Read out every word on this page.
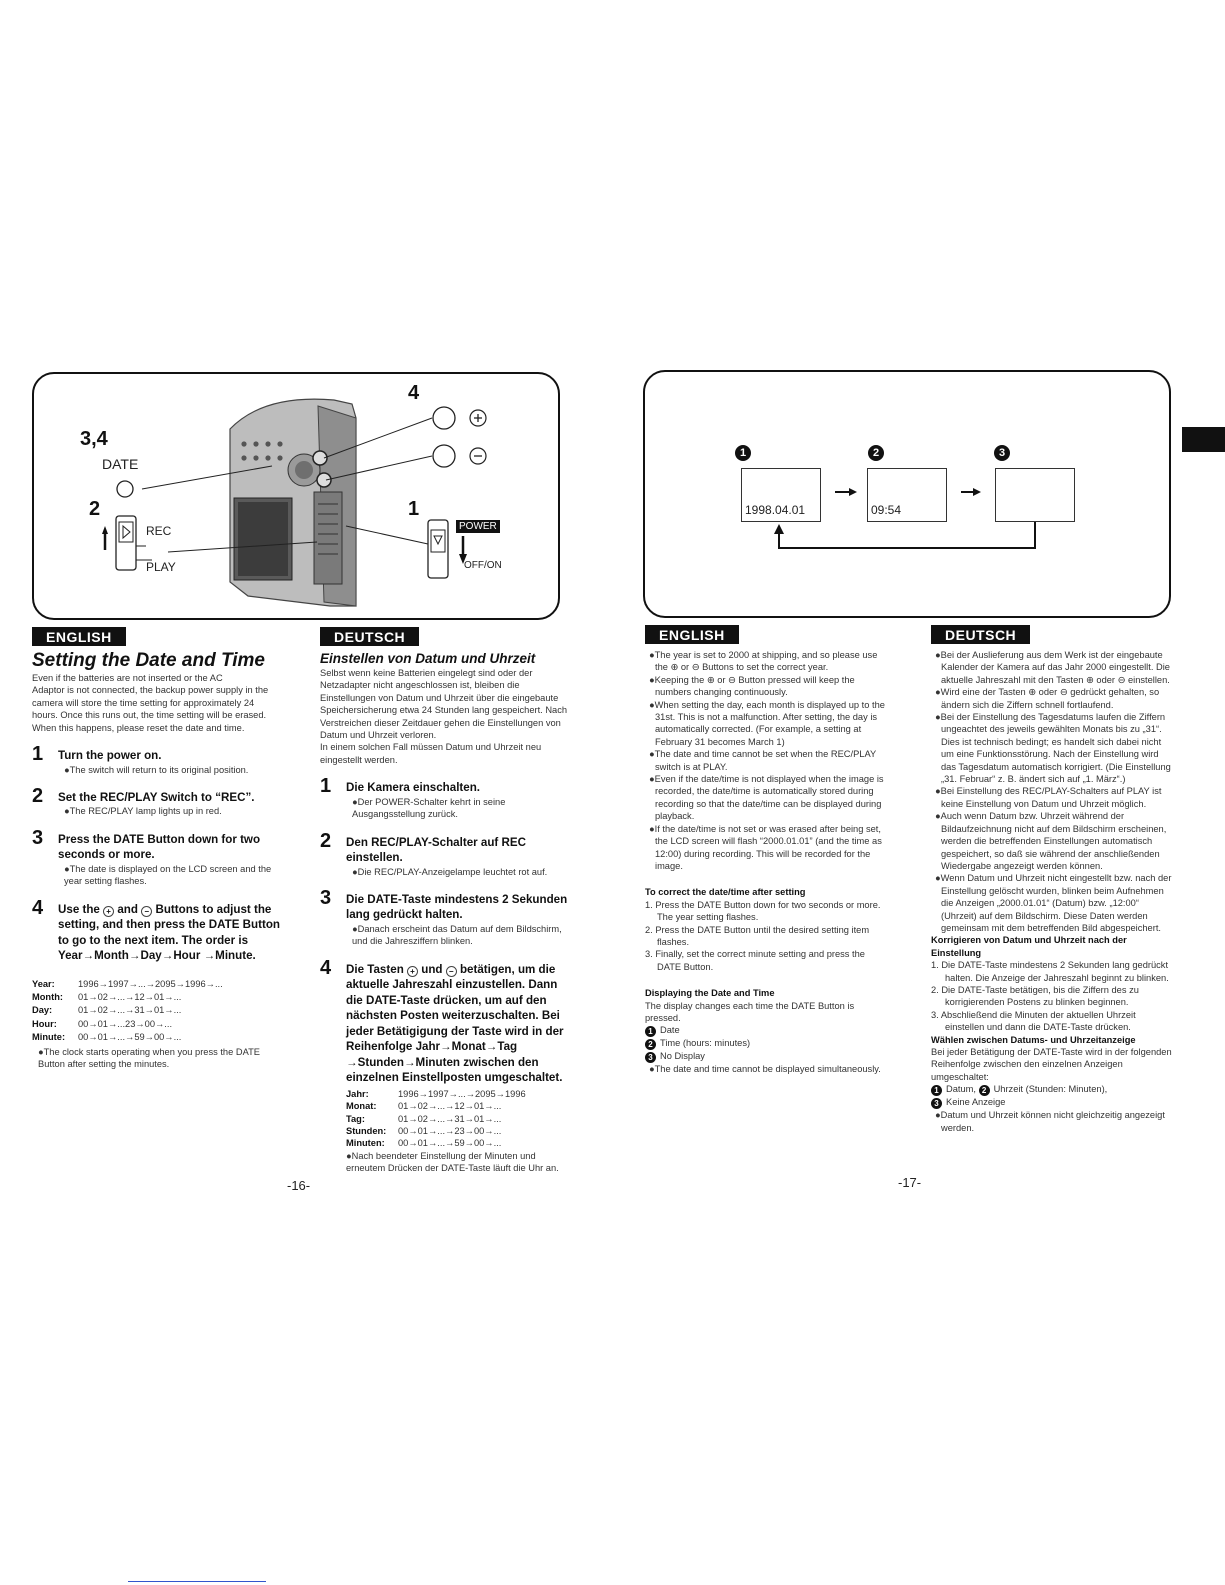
3,4
DATE
2
REC
PLAY
4
1
POWER
OFF/ON
1	2	3
1998.04.01	09:54
ENGLISH

Setting the Date and Time

Even if the batteries are not inserted or the AC

Adaptor is not connected, the backup power supply in the camera will store the time setting for approximately 24 hours. Once this runs out, the time setting will be erased.

When this happens, please reset the date and time.

1	Turn the power on.
●The switch will return to its original position.
2	Set the REC/PLAY Switch to “REC”.
●The REC/PLAY lamp lights up in red.
3	Press the DATE Button down for two seconds or more.
●The date is displayed on the LCD screen and the year setting flashes.
4	Use the + and − Buttons to adjust the setting, and then press the DATE Button to go to the next item. The order is Year→Month→Day→Hour →Minute.
Year:	1996→1997→...→2095→1996→...
Month:	01→02→...→12→01→...
Day:	01→02→...→31→01→...
Hour:	00→01→...23→00→...
Minute:	00→01→...→59→00→...

●The clock starts operating when you press the DATE Button after setting the minutes.

DEUTSCH

Einstellen von Datum und Uhrzeit

Selbst wenn keine Batterien eingelegt sind oder der Netzadapter nicht angeschlossen ist, bleiben die Einstellungen von Datum und Uhrzeit über die eingebaute Speichersicherung etwa 24 Stunden lang gespeichert. Nach Verstreichen dieser Zeitdauer gehen die Einstellungen von Datum und Uhrzeit verloren.

In einem solchen Fall müssen Datum und Uhrzeit neu eingestellt werden.

1	Die Kamera einschalten.
●Der POWER-Schalter kehrt in seine Ausgangsstellung zurück.
2	Den REC/PLAY-Schalter auf REC einstellen.
●Die REC/PLAY-Anzeigelampe leuchtet rot auf.
3	Die DATE-Taste mindestens 2 Sekunden lang gedrückt halten.
●Danach erscheint das Datum auf dem Bildschirm, und die Jahresziffern blinken.
4	Die Tasten + und − betätigen, um die aktuelle Jahreszahl einzustellen. Dann die DATE-Taste drücken, um auf den nächsten Posten weiterzuschalten. Bei jeder Betätigigung der Taste wird in der Reihenfolge Jahr→Monat→Tag →Stunden→Minuten zwischen den einzelnen Einstellposten umgeschaltet.
Jahr:	1996→1997→...→2095→1996
Monat:	01→02→...→12→01→...
Tag:	01→02→...→31→01→...
Stunden:	00→01→...→23→00→...
Minuten:	00→01→...→59→00→...

●Nach beendeter Einstellung der Minuten und erneutem Drücken der DATE-Taste läuft die Uhr an.

-16-
ENGLISH

●The year is set to 2000 at shipping, and so please use the ⊕ or ⊖ Buttons to set the correct year.

●Keeping the ⊕ or ⊖ Button pressed will keep the numbers changing continuously.

●When setting the day, each month is displayed up to the 31st. This is not a malfunction. After setting, the day is automatically corrected. (For example, a setting at February 31 becomes March 1)

●The date and time cannot be set when the REC/PLAY switch is at PLAY.

●Even if the date/time is not displayed when the image is recorded, the date/time is automatically stored during recording so that the date/time can be displayed during playback.

●If the date/time is not set or was erased after being set, the LCD screen will flash “2000.01.01” (and the time as 12:00) during recording. This will be recorded for the image.

To correct the date/time after setting

1. Press the DATE Button down for two seconds or more.

The year setting flashes.

2. Press the DATE Button until the desired setting item flashes.

3. Finally, set the correct minute setting and press the DATE Button.

Displaying the Date and Time

The display changes each time the DATE Button is pressed.

1 Date

2 Time (hours: minutes)

3 No Display

●The date and time cannot be displayed simultaneously.

DEUTSCH

●Bei der Auslieferung aus dem Werk ist der eingebaute Kalender der Kamera auf das Jahr 2000 eingestellt. Die aktuelle Jahreszahl mit den Tasten ⊕ oder ⊖ einstellen.

●Wird eine der Tasten ⊕ oder ⊖ gedrückt gehalten, so ändern sich die Ziffern schnell fortlaufend.

●Bei der Einstellung des Tagesdatums laufen die Ziffern ungeachtet des jeweils gewählten Monats bis zu „31“. Dies ist technisch bedingt; es handelt sich dabei nicht um eine Funktionsstörung. Nach der Einstellung wird das Tagesdatum automatisch korrigiert. (Die Einstellung „31. Februar“ z. B. ändert sich auf „1. März“.)

●Bei Einstellung des REC/PLAY-Schalters auf PLAY ist keine Einstellung von Datum und Uhrzeit möglich.

●Auch wenn Datum bzw. Uhrzeit während der Bildaufzeichnung nicht auf dem Bildschirm erscheinen, werden die betreffenden Einstellungen automatisch gespeichert, so daß sie während der anschließenden Wiedergabe angezeigt werden können.

●Wenn Datum und Uhrzeit nicht eingestellt bzw. nach der Einstellung gelöscht wurden, blinken beim Aufnehmen die Anzeigen „2000.01.01“ (Datum) bzw. „12:00“ (Uhrzeit) auf dem Bildschirm. Diese Daten werden gemeinsam mit dem betreffenden Bild abgespeichert.

Korrigieren von Datum und Uhrzeit nach der Einstellung

1. Die DATE-Taste mindestens 2 Sekunden lang gedrückt halten. Die Anzeige der Jahreszahl beginnt zu blinken.

2. Die DATE-Taste betätigen, bis die Ziffern des zu korrigierenden Postens zu blinken beginnen.

3. Abschließend die Minuten der aktuellen Uhrzeit einstellen und dann die DATE-Taste drücken.

Wählen zwischen Datums- und Uhrzeitanzeige

Bei jeder Betätigung der DATE-Taste wird in der folgenden Reihenfolge zwischen den einzelnen Anzeigen umgeschaltet:

1 Datum, 2 Uhrzeit (Stunden: Minuten),

3 Keine Anzeige

●Datum und Uhrzeit können nicht gleichzeitig angezeigt werden.

-17-
